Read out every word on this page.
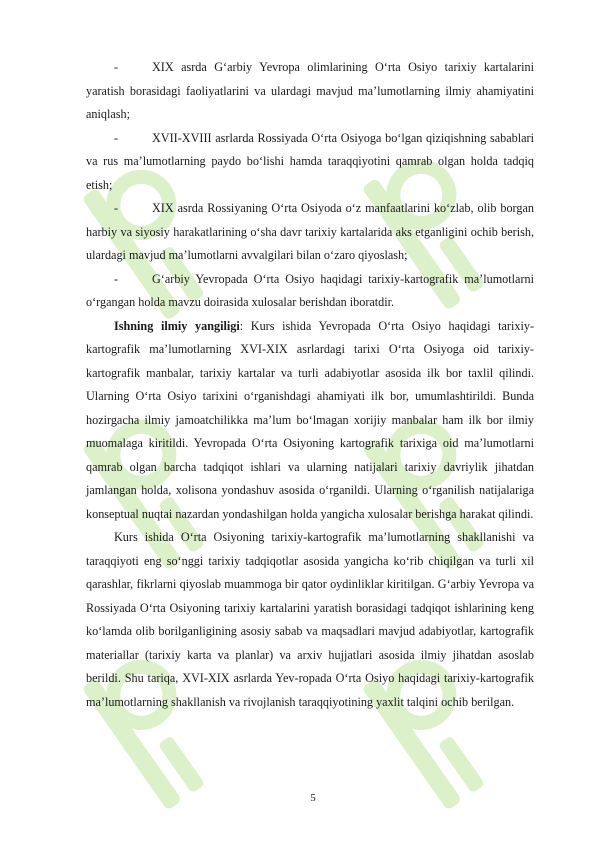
-	XIX asrda G‘arbiy Yevropa olimlarining O‘rta Osiyo tarixiy kartalarini yaratish borasidagi faoliyatlarini va ulardagi mavjud ma’lumotlarning ilmiy ahamiyatini aniqlash;

-	XVII-XVIII asrlarda Rossiyada O‘rta Osiyoga bo‘lgan qiziqishning sabablari va rus ma’lumotlarning paydo bo‘lishi hamda taraqqiyotini qamrab olgan holda tadqiq etish;

-	XIX asrda Rossiyaning O‘rta Osiyoda o‘z manfaatlarini ko‘zlab, olib borgan harbiy va siyosiy harakatlarining o‘sha davr tarixiy kartalarida aks etganligini ochib berish, ulardagi mavjud ma’lumotlarni avvalgilari bilan o‘zaro qiyoslash;

-	G‘arbiy Yevropada O‘rta Osiyo haqidagi tarixiy-kartografik ma’lumotlarni o‘rgangan holda mavzu doirasida xulosalar berishdan iboratdir.

Ishning ilmiy yangiligi: Kurs ishida Yevropada O‘rta Osiyo haqidagi tarixiy-kartografik ma’lumotlarning XVI-XIX asrlardagi tarixi O‘rta Osiyoga oid tarixiy-kartografik manbalar, tarixiy kartalar va turli adabiyotlar asosida ilk bor taxlil qilindi. Ularning O‘rta Osiyo tarixini o‘rganishdagi ahamiyati ilk bor, umumlashtirildi. Bunda hozirgacha ilmiy jamoatchilikka ma’lum bo‘lmagan xorijiy manbalar ham ilk bor ilmiy muomalaga kiritildi. Yevropada O‘rta Osiyoning kartografik tarixiga oid ma’lumotlarni qamrab olgan barcha tadqiqot ishlari va ularning natijalari tarixiy davriylik jihatdan jamlangan holda, xolisona yondashuv asosida o‘rganildi. Ularning o‘rganilish natijalariga konseptual nuqtai nazardan yondashilgan holda yangicha xulosalar berishga harakat qilindi.

Kurs ishida O‘rta Osiyoning tarixiy-kartografik ma’lumotlarning shakllanishi va taraqqiyoti eng so‘nggi tarixiy tadqiqotlar asosida yangicha ko‘rib chiqilgan va turli xil qarashlar, fikrlarni qiyoslab muammoga bir qator oydinliklar kiritilgan. G‘arbiy Yevropa va Rossiyada O‘rta Osiyoning tarixiy kartalarini yaratish borasidagi tadqiqot ishlarining keng ko‘lamda olib borilganligining asosiy sabab va maqsadlari mavjud adabiyotlar, kartografik materiallar (tarixiy karta va planlar) va arxiv hujjatlari asosida ilmiy jihatdan asoslab berildi. Shu tariqa, XVI-XIX asrlarda Yev-ropada O‘rta Osiyo haqidagi tarixiy-kartografik ma’lumotlarning shakllanish va rivojlanish taraqqiyotining yaxlit talqini ochib berilgan.

5
